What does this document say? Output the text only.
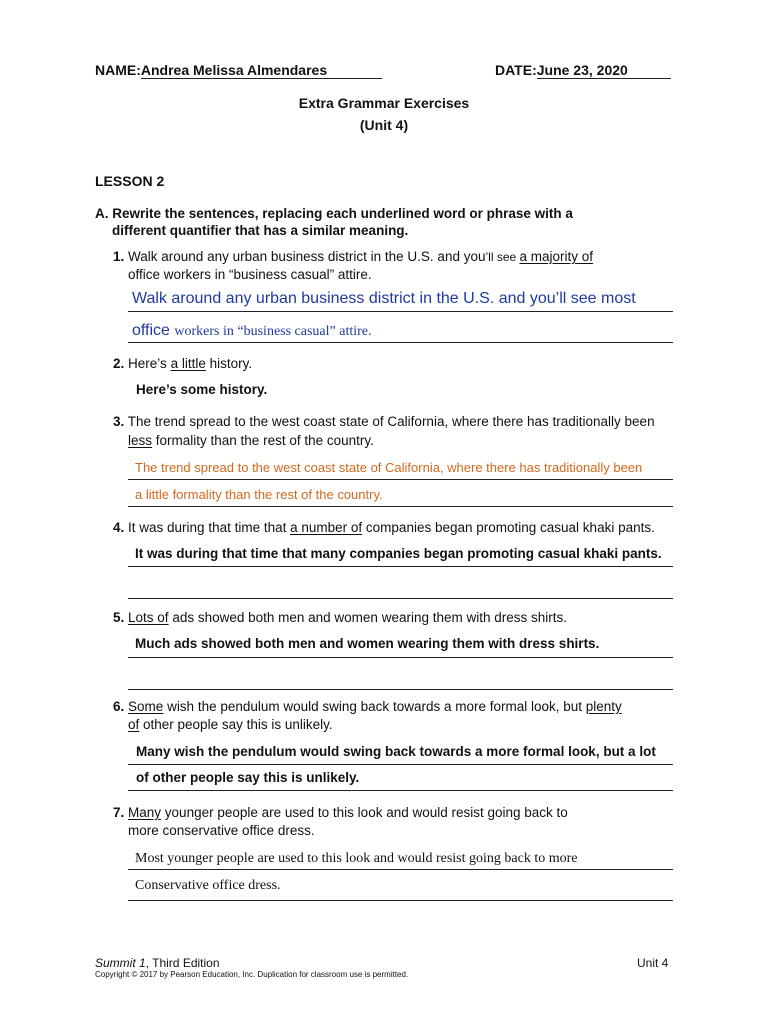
NAME:Andrea Melissa Almendares	DATE:June 23, 2020
Extra Grammar Exercises
(Unit 4)
LESSON 2
A. Rewrite the sentences, replacing each underlined word or phrase with a
different quantifier that has a similar meaning.
1. Walk around any urban business district in the U.S. and you’ll see a majority of
office workers in “business casual” attire.
Walk around any urban business district in the U.S. and you’ll see most
office workers in “business casual” attire.
2. Here’s a little history.
Here’s some history.
3. The trend spread to the west coast state of California, where there has traditionally been
less formality than the rest of the country.
The trend spread to the west coast state of California, where there has traditionally been
a little formality than the rest of the country.
4. It was during that time that a number of companies began promoting casual khaki pants.
It was during that time that many companies began promoting casual khaki pants.
5. Lots of ads showed both men and women wearing them with dress shirts.
Much ads showed both men and women wearing them with dress shirts.
6. Some wish the pendulum would swing back towards a more formal look, but plenty
of other people say this is unlikely.
Many wish the pendulum would swing back towards a more formal look, but a lot
of other people say this is unlikely.
7. Many younger people are used to this look and would resist going back to
more conservative office dress.
Most younger people are used to this look and would resist going back to more
Conservative office dress.
Summit 1, Third Edition	Unit 4
Copyright © 2017 by Pearson Education, Inc. Duplication for classroom use is permitted.
